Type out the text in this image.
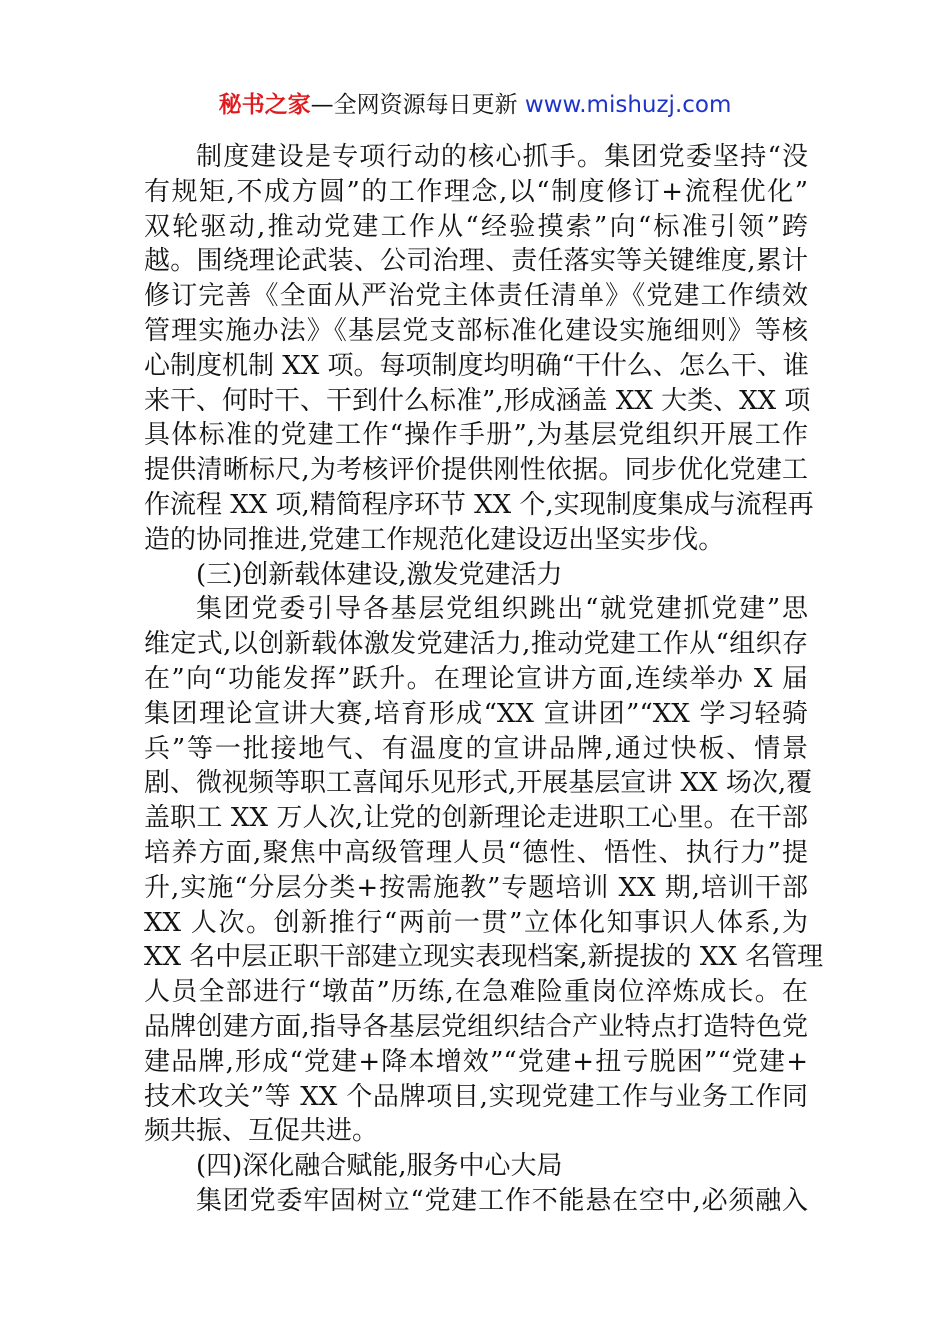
秘书之家—全网资源每日更新 www.mishuzj.com
制度建设是专项行动的核心抓手。集团党委坚持“没
有规矩,不成方圆”的工作理念,以“制度修订+流程优化”
双轮驱动,推动党建工作从“经验摸索”向“标准引领”跨
越。围绕理论武装、公司治理、责任落实等关键维度,累计
修订完善《全面从严治党主体责任清单》《党建工作绩效
管理实施办法》《基层党支部标准化建设实施细则》等核
心制度机制 XX 项。每项制度均明确“干什么、怎么干、谁
来干、何时干、干到什么标准”,形成涵盖 XX 大类、XX 项
具体标准的党建工作“操作手册”,为基层党组织开展工作
提供清晰标尺,为考核评价提供刚性依据。同步优化党建工
作流程 XX 项,精简程序环节 XX 个,实现制度集成与流程再
造的协同推进,党建工作规范化建设迈出坚实步伐。
(三)创新载体建设,激发党建活力
集团党委引导各基层党组织跳出“就党建抓党建”思
维定式,以创新载体激发党建活力,推动党建工作从“组织存
在”向“功能发挥”跃升。在理论宣讲方面,连续举办 X 届
集团理论宣讲大赛,培育形成“XX 宣讲团”“XX 学习轻骑
兵”等一批接地气、有温度的宣讲品牌,通过快板、情景
剧、微视频等职工喜闻乐见形式,开展基层宣讲 XX 场次,覆
盖职工 XX 万人次,让党的创新理论走进职工心里。在干部
培养方面,聚焦中高级管理人员“德性、悟性、执行力”提
升,实施“分层分类+按需施教”专题培训 XX 期,培训干部
XX 人次。创新推行“两前一贯”立体化知事识人体系,为
XX 名中层正职干部建立现实表现档案,新提拔的 XX 名管理
人员全部进行“墩苗”历练,在急难险重岗位淬炼成长。在
品牌创建方面,指导各基层党组织结合产业特点打造特色党
建品牌,形成“党建+降本增效”“党建+扭亏脱困”“党建+
技术攻关”等 XX 个品牌项目,实现党建工作与业务工作同
频共振、互促共进。
(四)深化融合赋能,服务中心大局
集团党委牢固树立“党建工作不能悬在空中,必须融入
